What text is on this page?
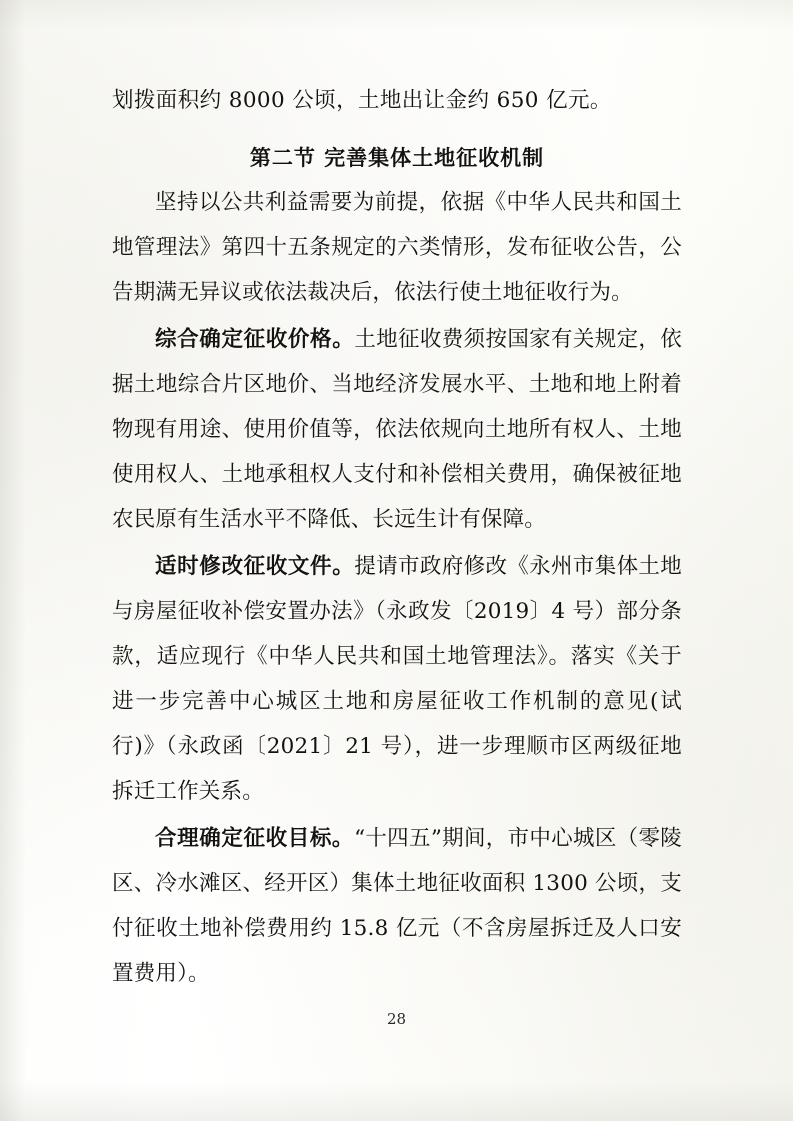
划拨面积约 8000 公顷，土地出让金约 650 亿元。
第二节 完善集体土地征收机制

坚持以公共利益需要为前提，依据《中华人民共和国土地管理法》第四十五条规定的六类情形，发布征收公告，公告期满无异议或依法裁决后，依法行使土地征收行为。

综合确定征收价格。土地征收费须按国家有关规定，依据土地综合片区地价、当地经济发展水平、土地和地上附着物现有用途、使用价值等，依法依规向土地所有权人、土地使用权人、土地承租权人支付和补偿相关费用，确保被征地农民原有生活水平不降低、长远生计有保障。

适时修改征收文件。提请市政府修改《永州市集体土地与房屋征收补偿安置办法》（永政发〔2019〕4 号）部分条款，适应现行《中华人民共和国土地管理法》。落实《关于进一步完善中心城区土地和房屋征收工作机制的意见(试行)》（永政函〔2021〕21 号），进一步理顺市区两级征地拆迁工作关系。

合理确定征收目标。“十四五”期间，市中心城区（零陵区、冷水滩区、经开区）集体土地征收面积 1300 公顷，支付征收土地补偿费用约 15.8 亿元（不含房屋拆迁及人口安置费用）。

28
